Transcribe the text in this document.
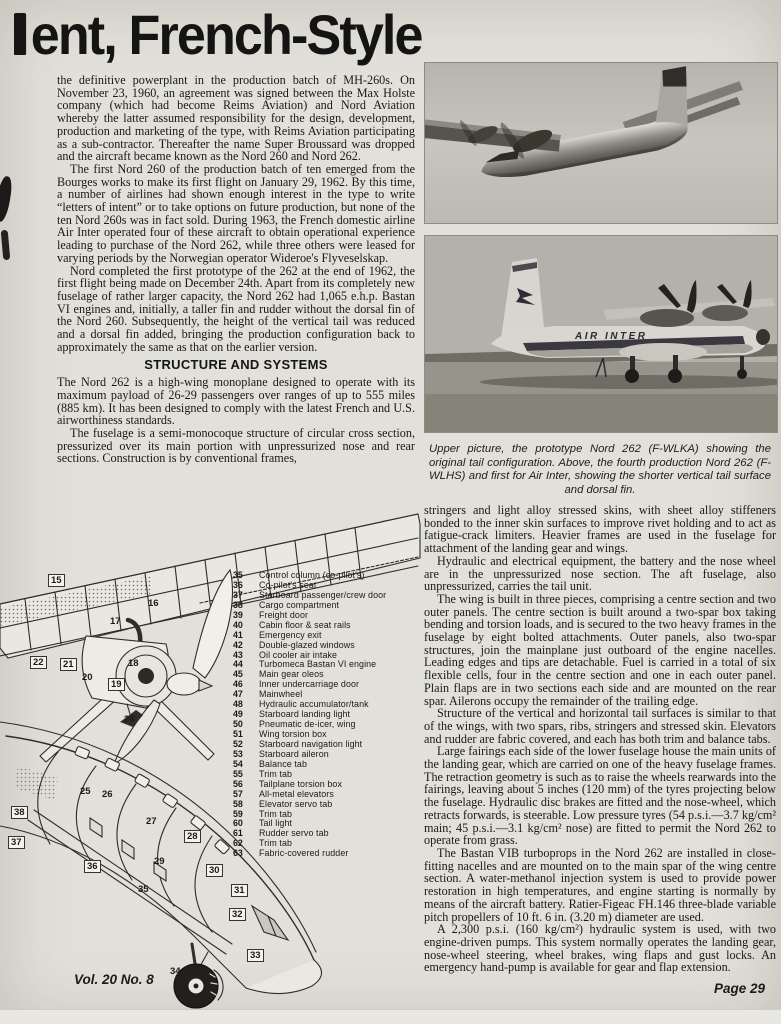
ent, French-Style

the definitive powerplant in the production batch of MH-260s. On November 23, 1960, an agreement was signed between the Max Holste company (which had become Reims Aviation) and Nord Aviation whereby the latter assumed responsibility for the design, development, production and marketing of the type, with Reims Aviation participating as a sub-contractor. Thereafter the name Super Broussard was dropped and the aircraft became known as the Nord 260 and Nord 262.

The first Nord 260 of the production batch of ten emerged from the Bourges works to make its first flight on January 29, 1962. By this time, a number of airlines had shown enough interest in the type to write “letters of intent” or to take options on future production, but none of the ten Nord 260s was in fact sold. During 1963, the French domestic airline Air Inter operated four of these aircraft to obtain operational experience leading to purchase of the Nord 262, while three others were leased for varying periods by the Norwegian operator Wideroe's Flyveselskap.

Nord completed the first prototype of the 262 at the end of 1962, the first flight being made on December 24th. Apart from its completely new fuselage of rather larger capacity, the Nord 262 had 1,065 e.h.p. Bastan VI engines and, initially, a taller fin and rudder without the dorsal fin of the Nord 260. Subsequently, the height of the vertical tail was reduced and a dorsal fin added, bringing the production configuration back to approximately the same as that on the earlier version.

STRUCTURE AND SYSTEMS

The Nord 262 is a high-wing monoplane designed to operate with its maximum payload of 26-29 passengers over ranges of up to 555 miles (885 km). It has been designed to comply with the latest French and U.S. airworthiness standards.

The fuselage is a semi-monocoque structure of circular cross section, pressurized over its main portion with unpressurized nose and rear sections. Construction is by conventional frames,

AIR INTER
Upper picture, the prototype Nord 262 (F-WLKA) showing the original tail configuration. Above, the fourth production Nord 262 (F-WLHS) and first for Air Inter, showing the shorter vertical tail surface and dorsal fin.

stringers and light alloy stressed skins, with sheet alloy stiffeners bonded to the inner skin surfaces to improve rivet holding and to act as fatigue-crack limiters. Heavier frames are used in the fuselage for attachment of the landing gear and wings.

Hydraulic and electrical equipment, the battery and the nose wheel are in the unpressurized nose section. The aft fuselage, also unpressurized, carries the tail unit.

The wing is built in three pieces, comprising a centre section and two outer panels. The centre section is built around a two-spar box taking bending and torsion loads, and is secured to the two heavy frames in the fuselage by eight bolted attachments. Outer panels, also two-spar structures, join the mainplane just outboard of the engine nacelles. Leading edges and tips are detachable. Fuel is carried in a total of six flexible cells, four in the centre section and one in each outer panel. Plain flaps are in two sections each side and are mounted on the rear spar. Ailerons occupy the remainder of the trailing edge.

Structure of the vertical and horizontal tail surfaces is similar to that of the wings, with two spars, ribs, stringers and stressed skin. Elevators and rudder are fabric covered, and each has both trim and balance tabs.

Large fairings each side of the lower fuselage house the main units of the landing gear, which are carried on one of the heavy fuselage frames. The retraction geometry is such as to raise the wheels rearwards into the fairings, leaving about 5 inches (120 mm) of the tyres projecting below the fuselage. Hydraulic disc brakes are fitted and the nose-wheel, which retracts forwards, is steerable. Low pressure tyres (54 p.s.i.—3.7 kg/cm² main; 45 p.s.i.—3.1 kg/cm² nose) are fitted to permit the Nord 262 to operate from grass.

The Bastan VIB turboprops in the Nord 262 are installed in close-fitting nacelles and are mounted on to the main spar of the wing centre section. A water-methanol injection system is used to provide power restoration in high temperatures, and engine starting is normally by means of the aircraft battery. Ratier-Figeac FH.146 three-blade variable pitch propellers of 10 ft. 6 in. (3.20 m) diameter are used.

A 2,300 p.s.i. (160 kg/cm²) hydraulic system is used, with two engine-driven pumps. This system normally operates the landing gear, nose-wheel steering, wheel brakes, wing flaps and gust locks. An emergency hand-pump is available for gear and flap extension.

15
16
17
18
19
20
21
22
24
25 26
27
28
29
30
31
32
33
34
35
36
37
38
35	Control column (co-pilot's)
36	Co-pilot's seat
37	Starboard passenger/crew door
38	Cargo compartment
39	Freight door
40	Cabin floor & seat rails
41	Emergency exit
42	Double-glazed windows
43	Oil cooler air intake
44	Turbomeca Bastan VI engine
45	Main gear oleos
46	Inner undercarriage door
47	Mainwheel
48	Hydraulic accumulator/tank
49	Starboard landing light
50	Pneumatic de-icer, wing
51	Wing torsion box
52	Starboard navigation light
53	Starboard aileron
54	Balance tab
55	Trim tab
56	Tailplane torsion box
57	All-metal elevators
58	Elevator servo tab
59	Trim tab
60	Tail light
61	Rudder servo tab
62	Trim tab
63	Fabric-covered rudder
Vol. 20 No. 8
Page 29
